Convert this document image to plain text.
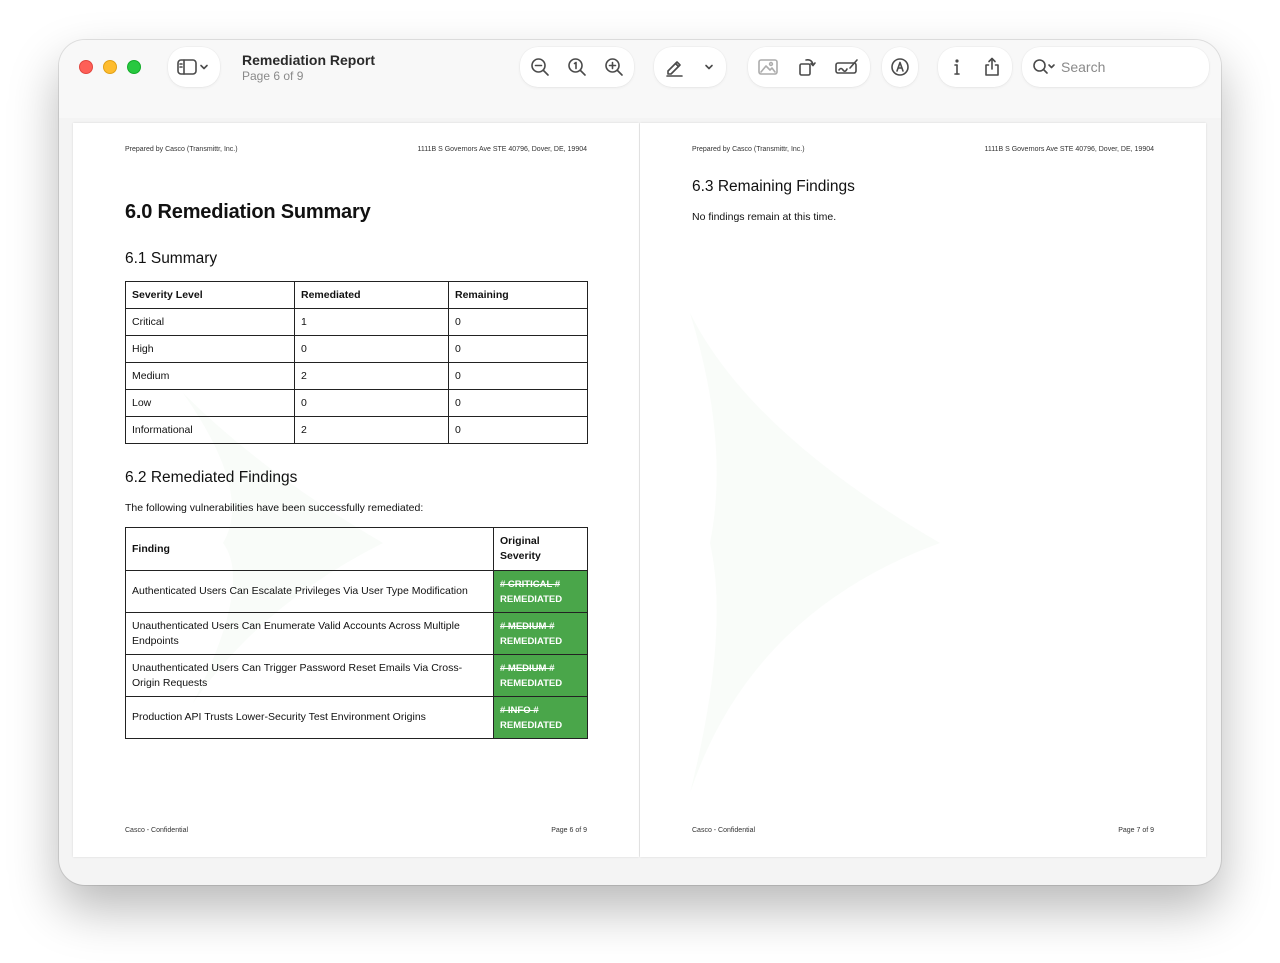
Remediation Report
Page 6 of 9
Search
Prepared by Casco (Transmittr, Inc.)	1111B S Governors Ave STE 40796, Dover, DE, 19904
6.0 Remediation Summary
6.1 Summary
Severity Level	Remediated	Remaining
Critical	1	0
High	0	0
Medium	2	0
Low	0	0
Informational	2	0
6.2 Remediated Findings
The following vulnerabilities have been successfully remediated:
Finding	Original Severity
Authenticated Users Can Escalate Privileges Via User Type Modification	# CRITICAL #
REMEDIATED

Unauthenticated Users Can Enumerate Valid Accounts Across Multiple Endpoints	# MEDIUM #
REMEDIATED

Unauthenticated Users Can Trigger Password Reset Emails Via Cross-Origin Requests	# MEDIUM #
REMEDIATED

Production API Trusts Lower-Security Test Environment Origins	# INFO #
REMEDIATED
Casco - Confidential	Page 6 of 9
Prepared by Casco (Transmittr, Inc.)	1111B S Governors Ave STE 40796, Dover, DE, 19904
6.3 Remaining Findings
No findings remain at this time.
Casco - Confidential	Page 7 of 9
